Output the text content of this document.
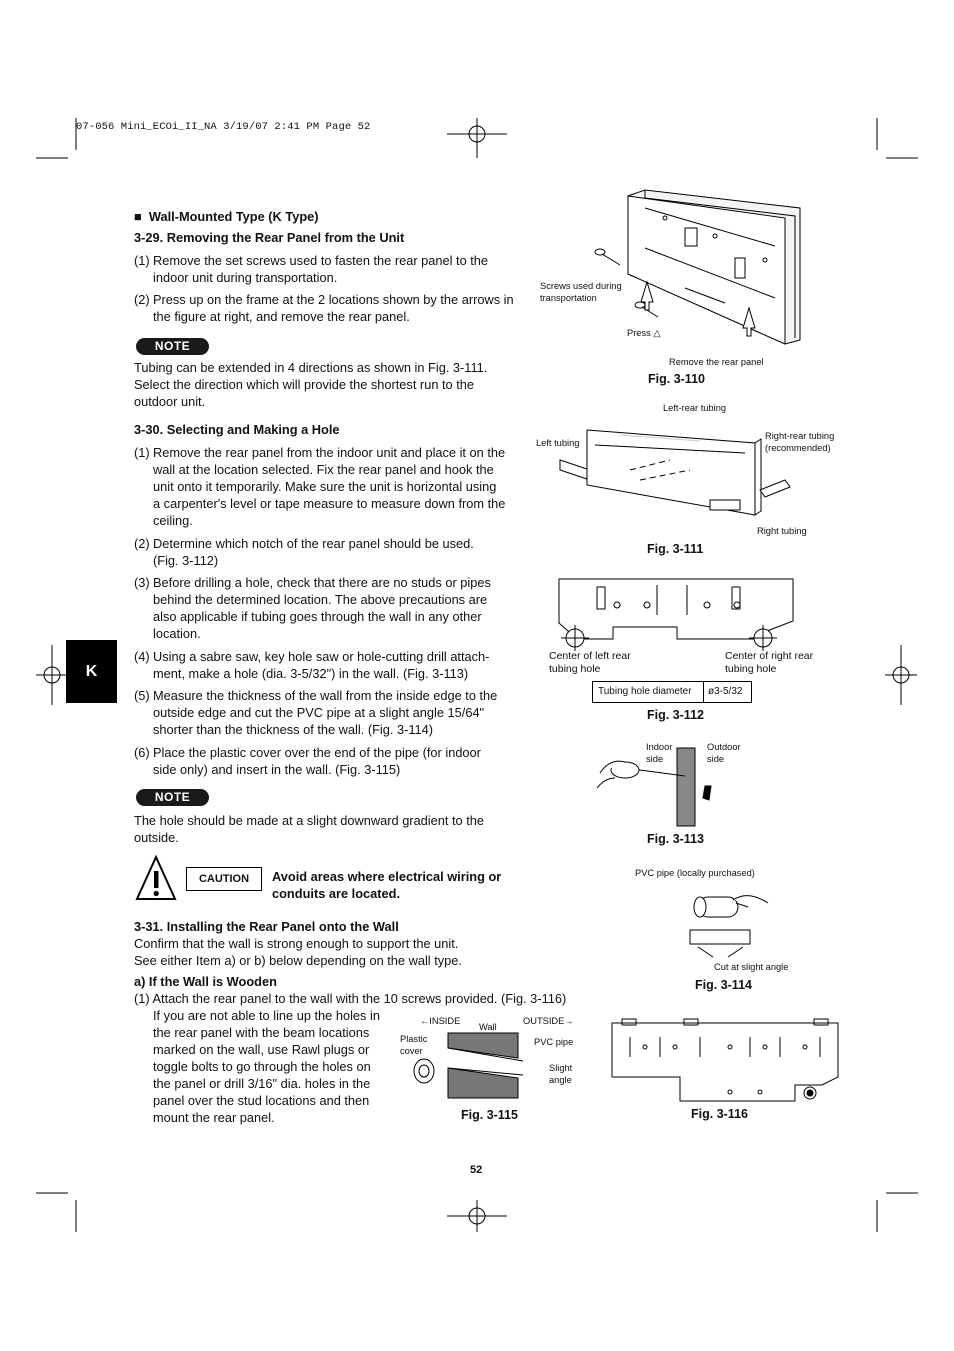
07-056 Mini_ECOi_II_NA 3/19/07 2:41 PM Page 52
K
■ Wall-Mounted Type (K Type)
3-29. Removing the Rear Panel from the Unit
(1) Remove the set screws used to fasten the rear panel to the indoor unit during transportation.
(2) Press up on the frame at the 2 locations shown by the arrows in the figure at right, and remove the rear panel.
NOTE
Tubing can be extended in 4 directions as shown in Fig. 3-111. Select the direction which will provide the shortest run to the outdoor unit.
3-30. Selecting and Making a Hole
(1) Remove the rear panel from the indoor unit and place it on the wall at the location selected. Fix the rear panel and hook the unit onto it temporarily. Make sure the unit is horizontal using a carpenter's level or tape measure to measure down from the ceiling.
(2) Determine which notch of the rear panel should be used. (Fig. 3-112)
(3) Before drilling a hole, check that there are no studs or pipes behind the determined location. The above precautions are also applicable if tubing goes through the wall in any other location.
(4) Using a sabre saw, key hole saw or hole-cutting drill attach-ment, make a hole (dia. 3-5/32") in the wall. (Fig. 3-113)
(5) Measure the thickness of the wall from the inside edge to the outside edge and cut the PVC pipe at a slight angle 15/64" shorter than the thickness of the wall. (Fig. 3-114)
(6) Place the plastic cover over the end of the pipe (for indoor side only) and insert in the wall. (Fig. 3-115)
NOTE
The hole should be made at a slight downward gradient to the outside.
CAUTION	Avoid areas where electrical wiring or conduits are located.
3-31. Installing the Rear Panel onto the Wall
Confirm that the wall is strong enough to support the unit.
See either Item a) or b) below depending on the wall type.
a) If the Wall is Wooden
(1) Attach the rear panel to the wall with the 10 screws provided. (Fig. 3-116)
If you are not able to line up the holes in the rear panel with the beam locations marked on the wall, use Rawl plugs or toggle bolts to go through the holes on the panel or drill 3/16" dia. holes in the panel over the stud locations and then mount the rear panel.
Screws used during transportation
Press △
Remove the rear panel
Fig. 3-110
Left-rear tubing
Left tubing
Right-rear tubing (recommended)
Right tubing
Fig. 3-111
Center of left rear tubing hole
Center of right rear tubing hole
Tubing hole diameter ø3-5/32
Fig. 3-112
Indoor side
Outdoor side
Fig. 3-113
PVC pipe (locally purchased)
Cut at slight angle
Fig. 3-114
←INSIDE	OUTSIDE→
Wall
Plastic cover
PVC pipe
Slight angle
Fig. 3-115	Fig. 3-116
52
